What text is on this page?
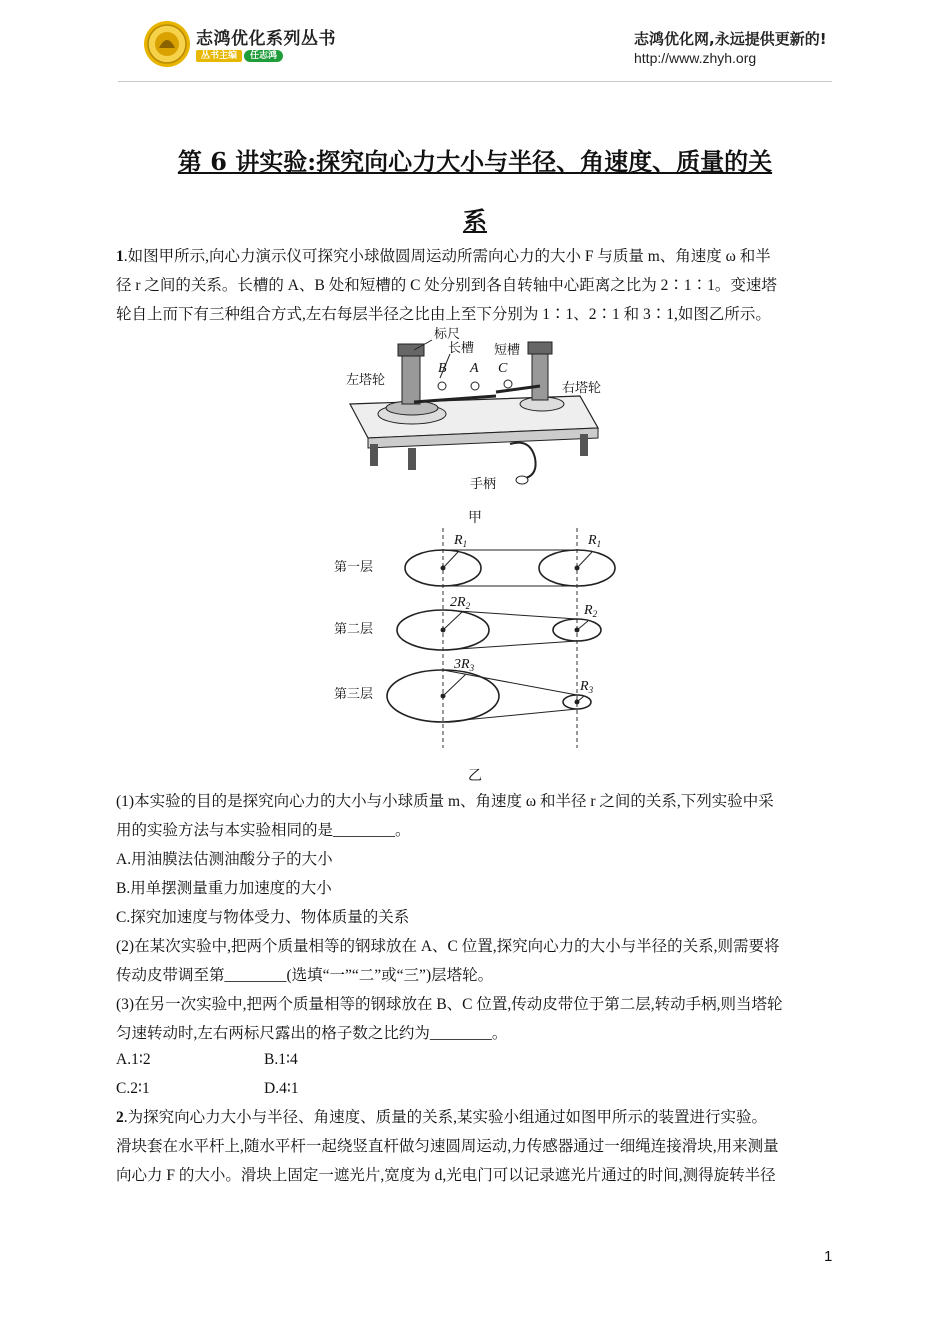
志鸿优化系列丛书
丛书主编 任志鸿
志鸿优化网,永远提供更新的!
http://www.zhyh.org
第 6 讲实验:探究向心力大小与半径、角速度、质量的关
系

1.如图甲所示,向心力演示仪可探究小球做圆周运动所需向心力的大小 F 与质量 m、角速度 ω 和半

径 r 之间的关系。长槽的 A、B 处和短槽的 C 处分别到各自转轴中心距离之比为 2∶1∶1。变速塔

轮自上而下有三种组合方式,左右每层半径之比由上至下分别为 1∶1、2∶1 和 3∶1,如图乙所示。

标尺
长槽 短槽
左塔轮
右塔轮
手柄
B A C
甲
第一层
第二层
第三层
$R_1$	$R_1$
$2R_2$	$R_2$
$3R_3$
$R_3$
乙

(1)本实验的目的是探究向心力的大小与小球质量 m、角速度 ω 和半径 r 之间的关系,下列实验中采

用的实验方法与本实验相同的是________。

A.用油膜法估测油酸分子的大小

B.用单摆测量重力加速度的大小

C.探究加速度与物体受力、物体质量的关系

(2)在某次实验中,把两个质量相等的钢球放在 A、C 位置,探究向心力的大小与半径的关系,则需要将

传动皮带调至第________(选填“一”“二”或“三”)层塔轮。

(3)在另一次实验中,把两个质量相等的钢球放在 B、C 位置,传动皮带位于第二层,转动手柄,则当塔轮

匀速转动时,左右两标尺露出的格子数之比约为________。

A.1∶2	B.1∶4
C.2∶1	D.4∶1

2.为探究向心力大小与半径、角速度、质量的关系,某实验小组通过如图甲所示的装置进行实验。

滑块套在水平杆上,随水平杆一起绕竖直杆做匀速圆周运动,力传感器通过一细绳连接滑块,用来测量

向心力 F 的大小。滑块上固定一遮光片,宽度为 d,光电门可以记录遮光片通过的时间,测得旋转半径

1
